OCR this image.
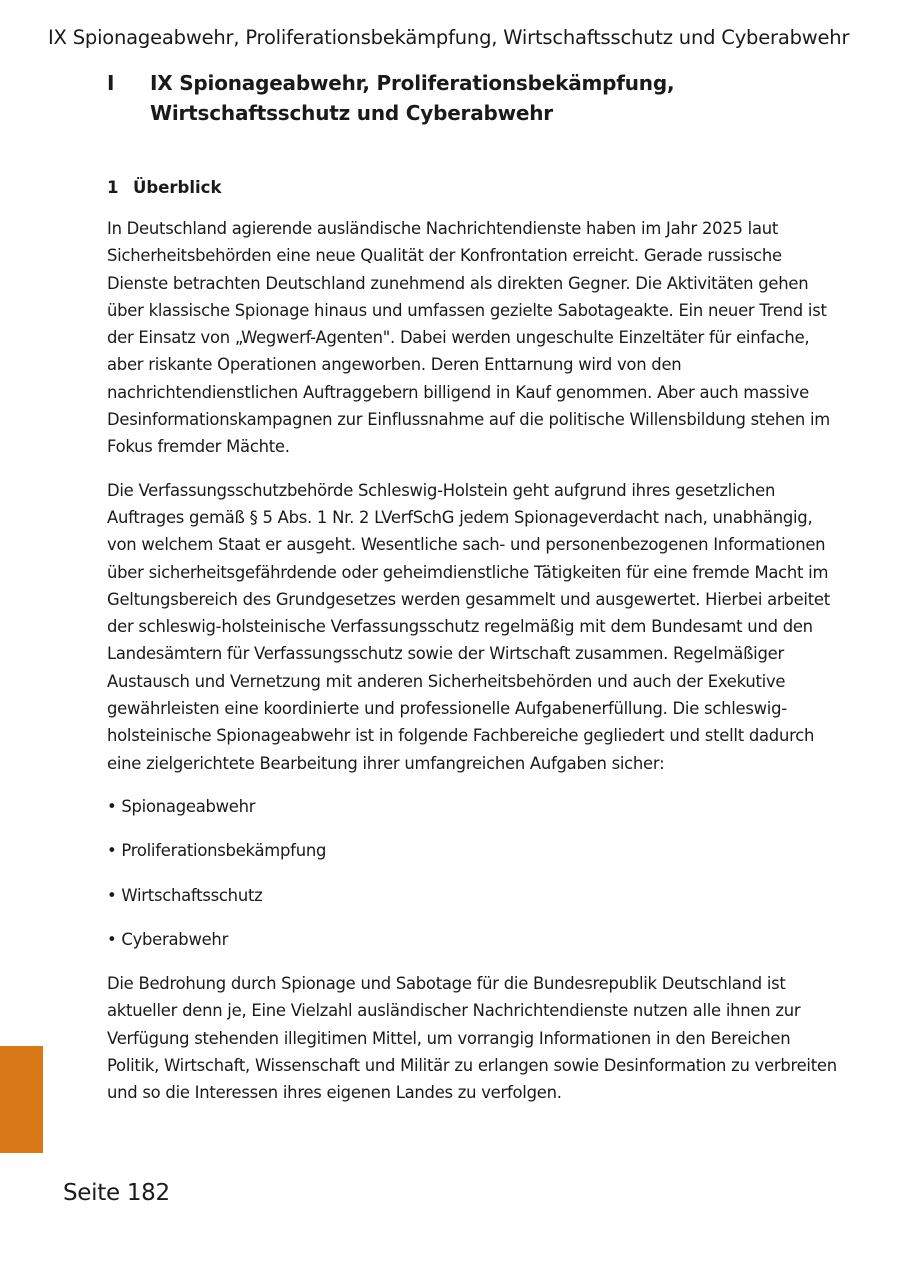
IX Spionageabwehr, Proliferationsbekämpfung, Wirtschaftsschutz und Cyberabwehr
I IX Spionageabwehr, Proliferationsbekämpfung, Wirtschaftsschutz und Cyberabwehr
1 Überblick

In Deutschland agierende ausländische Nachrichtendienste haben im Jahr 2025 laut Sicherheitsbehörden eine neue Qualität der Konfrontation erreicht. Gerade russische Dienste betrachten Deutschland zunehmend als direkten Gegner. Die Aktivitäten gehen über klassische Spionage hinaus und umfassen gezielte Sabotageakte. Ein neuer Trend ist der Einsatz von „Wegwerf-Agenten". Dabei werden ungeschulte Einzeltäter für einfache, aber riskante Operationen angeworben. Deren Enttarnung wird von den nachrichtendienstlichen Auftraggebern billigend in Kauf genommen. Aber auch massive Desinformationskampagnen zur Einflussnahme auf die politische Willensbildung stehen im Fokus fremder Mächte.

Die Verfassungsschutzbehörde Schleswig-Holstein geht aufgrund ihres gesetzlichen Auftrages gemäß § 5 Abs. 1 Nr. 2 LVerfSchG jedem Spionageverdacht nach, unabhängig, von welchem Staat er ausgeht. Wesentliche sach- und personenbezogenen Informationen über sicherheitsgefährdende oder geheimdienstliche Tätigkeiten für eine fremde Macht im Geltungsbereich des Grundgesetzes werden gesammelt und ausgewertet. Hierbei arbeitet der schleswig-holsteinische Verfassungsschutz regelmäßig mit dem Bundesamt und den Landesämtern für Verfassungsschutz sowie der Wirtschaft zusammen. Regelmäßiger Austausch und Vernetzung mit anderen Sicherheitsbehörden und auch der Exekutive gewährleisten eine koordinierte und professionelle Aufgabenerfüllung. Die schleswig-holsteinische Spionageabwehr ist in folgende Fachbereiche gegliedert und stellt dadurch eine zielgerichtete Bearbeitung ihrer umfangreichen Aufgaben sicher:

• Spionageabwehr

• Proliferationsbekämpfung

• Wirtschaftsschutz

• Cyberabwehr

Die Bedrohung durch Spionage und Sabotage für die Bundesrepublik Deutschland ist aktueller denn je, Eine Vielzahl ausländischer Nachrichtendienste nutzen alle ihnen zur Verfügung stehenden illegitimen Mittel, um vorrangig Informationen in den Bereichen Politik, Wirtschaft, Wissenschaft und Militär zu erlangen sowie Desinformation zu verbreiten und so die Interessen ihres eigenen Landes zu verfolgen.

Seite 182
